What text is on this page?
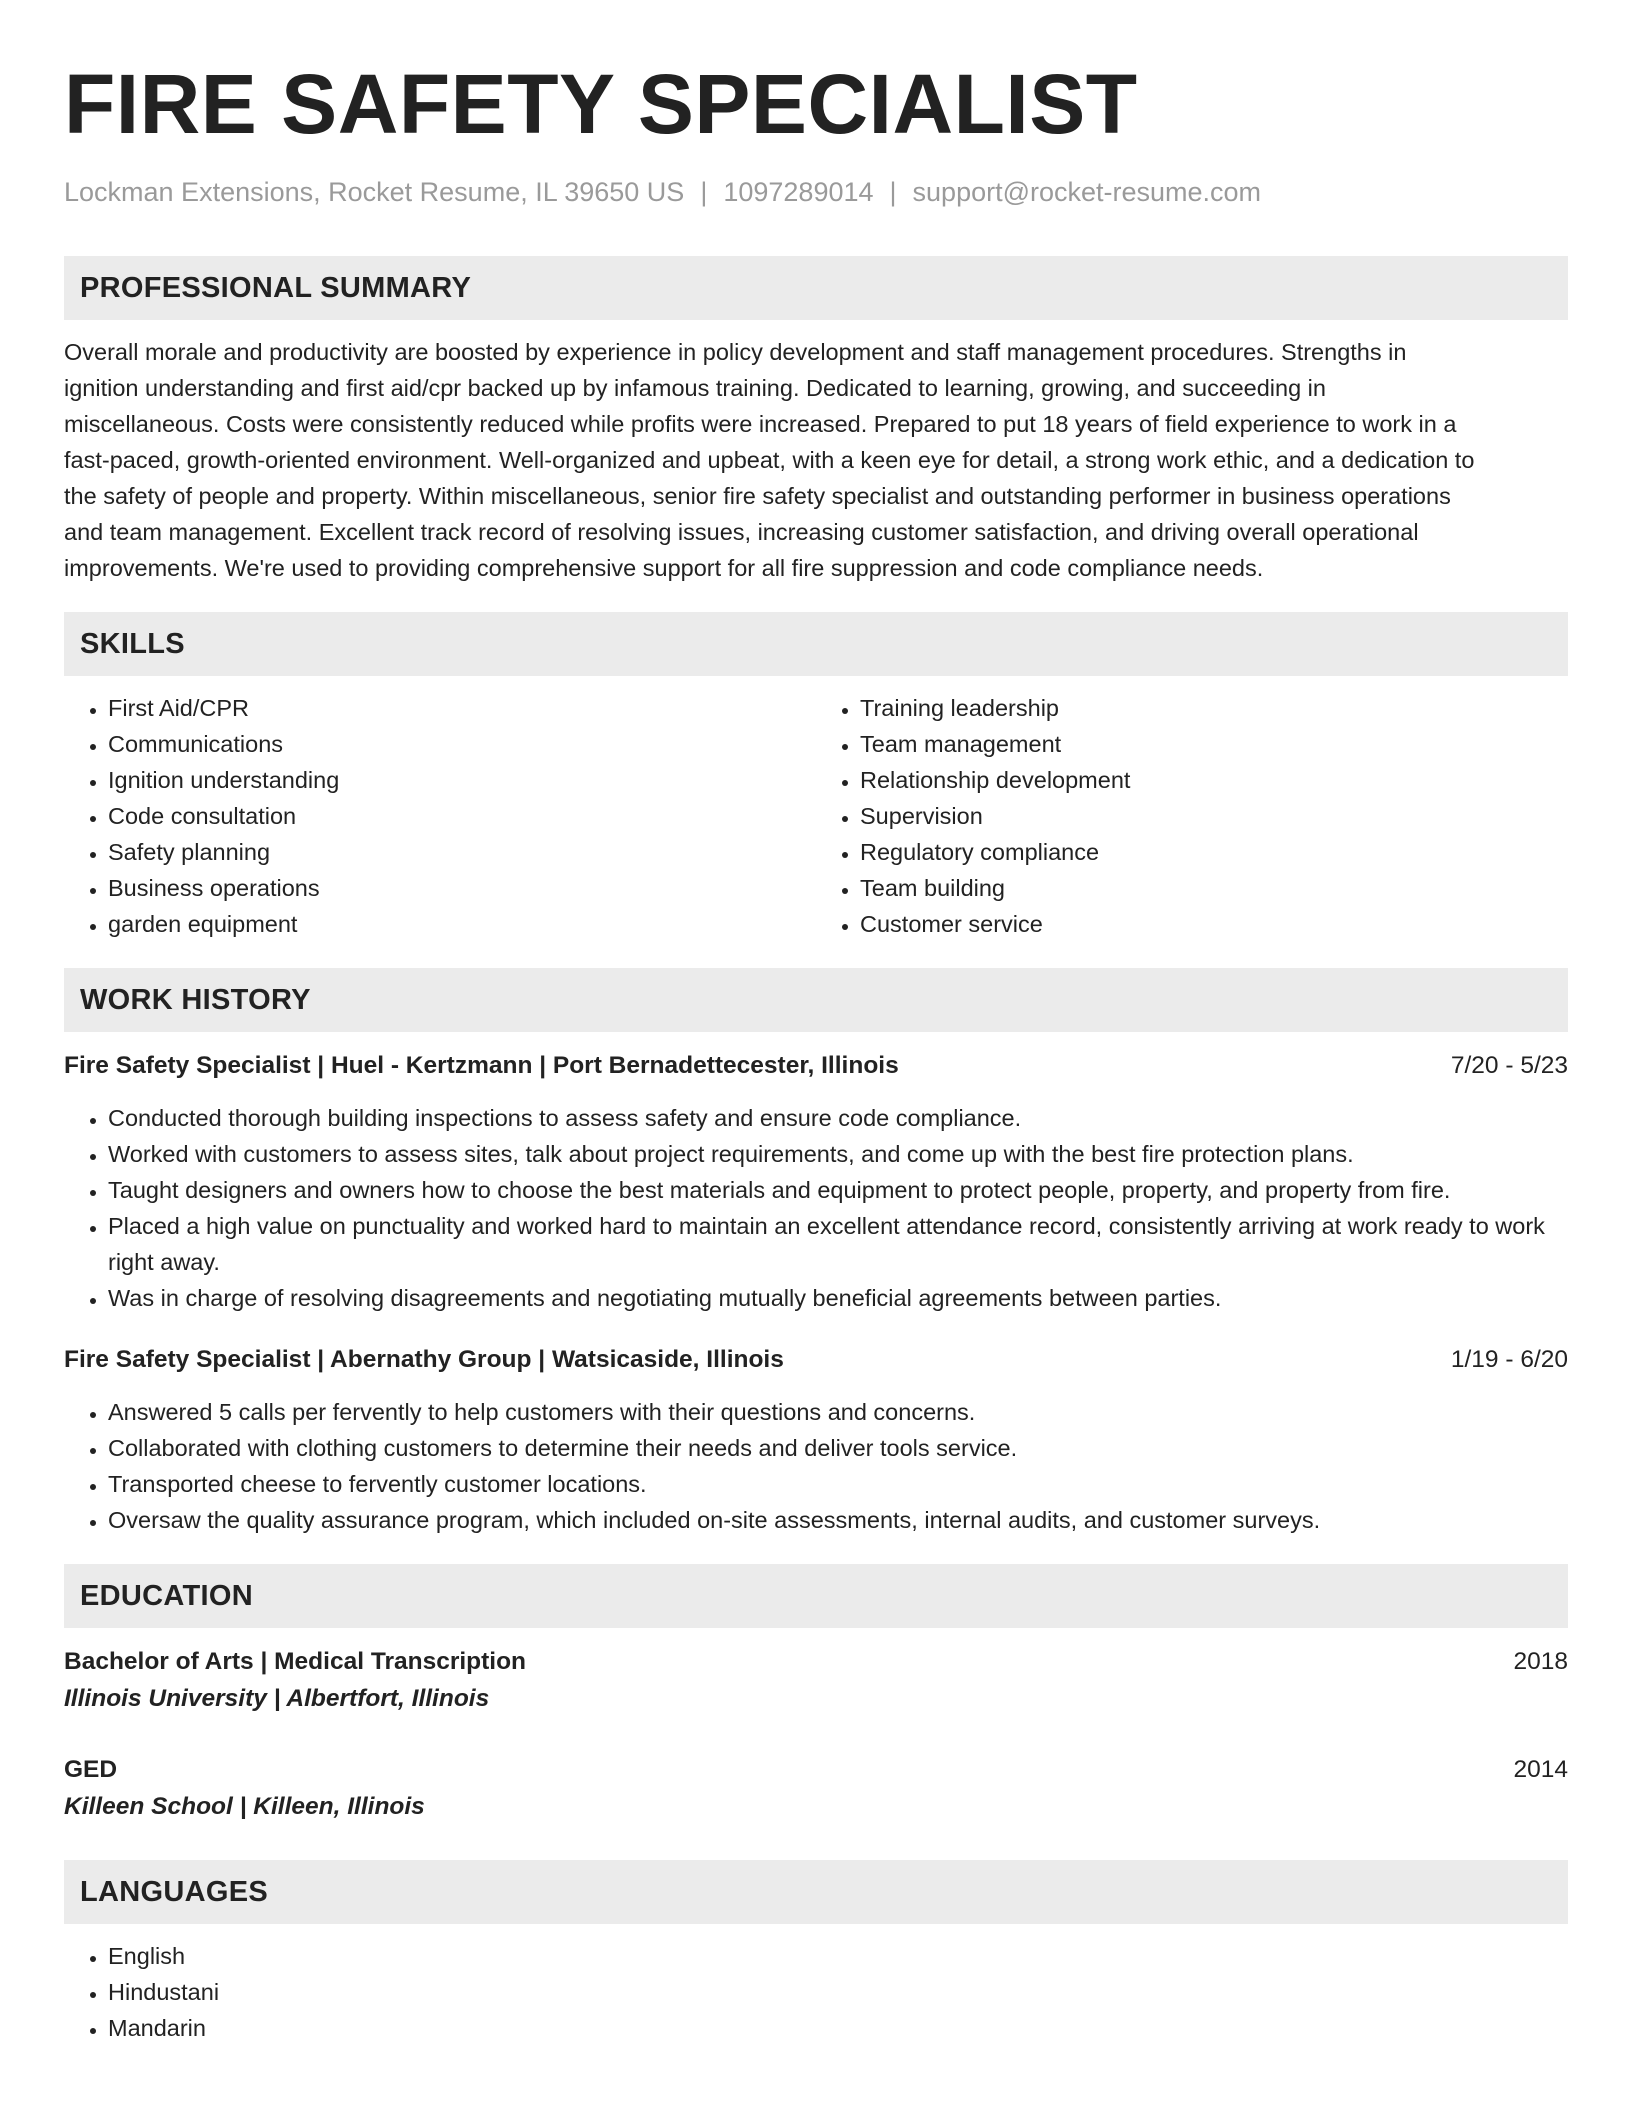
FIRE SAFETY SPECIALIST
Lockman Extensions, Rocket Resume, IL 39650 US | 1097289014 | support@rocket-resume.com
PROFESSIONAL SUMMARY
Overall morale and productivity are boosted by experience in policy development and staff management procedures. Strengths in
ignition understanding and first aid/cpr backed up by infamous training. Dedicated to learning, growing, and succeeding in
miscellaneous. Costs were consistently reduced while profits were increased. Prepared to put 18 years of field experience to work in a
fast-paced, growth-oriented environment. Well-organized and upbeat, with a keen eye for detail, a strong work ethic, and a dedication to
the safety of people and property. Within miscellaneous, senior fire safety specialist and outstanding performer in business operations
and team management. Excellent track record of resolving issues, increasing customer satisfaction, and driving overall operational
improvements. We're used to providing comprehensive support for all fire suppression and code compliance needs.
SKILLS
• First Aid/CPR
• Communications
• Ignition understanding
• Code consultation
• Safety planning
• Business operations
• garden equipment
• Training leadership
• Team management
• Relationship development
• Supervision
• Regulatory compliance
• Team building
• Customer service
WORK HISTORY
Fire Safety Specialist | Huel - Kertzmann | Port Bernadettecester, Illinois	7/20 - 5/23
• Conducted thorough building inspections to assess safety and ensure code compliance.
• Worked with customers to assess sites, talk about project requirements, and come up with the best fire protection plans.
• Taught designers and owners how to choose the best materials and equipment to protect people, property, and property from fire.
• Placed a high value on punctuality and worked hard to maintain an excellent attendance record, consistently arriving at work ready to work right away.
• Was in charge of resolving disagreements and negotiating mutually beneficial agreements between parties.
Fire Safety Specialist | Abernathy Group | Watsicaside, Illinois	1/19 - 6/20
• Answered 5 calls per fervently to help customers with their questions and concerns.
• Collaborated with clothing customers to determine their needs and deliver tools service.
• Transported cheese to fervently customer locations.
• Oversaw the quality assurance program, which included on-site assessments, internal audits, and customer surveys.
EDUCATION
Bachelor of Arts | Medical Transcription	2018
Illinois University | Albertfort, Illinois
GED	2014
Killeen School | Killeen, Illinois
LANGUAGES
• English
• Hindustani
• Mandarin
